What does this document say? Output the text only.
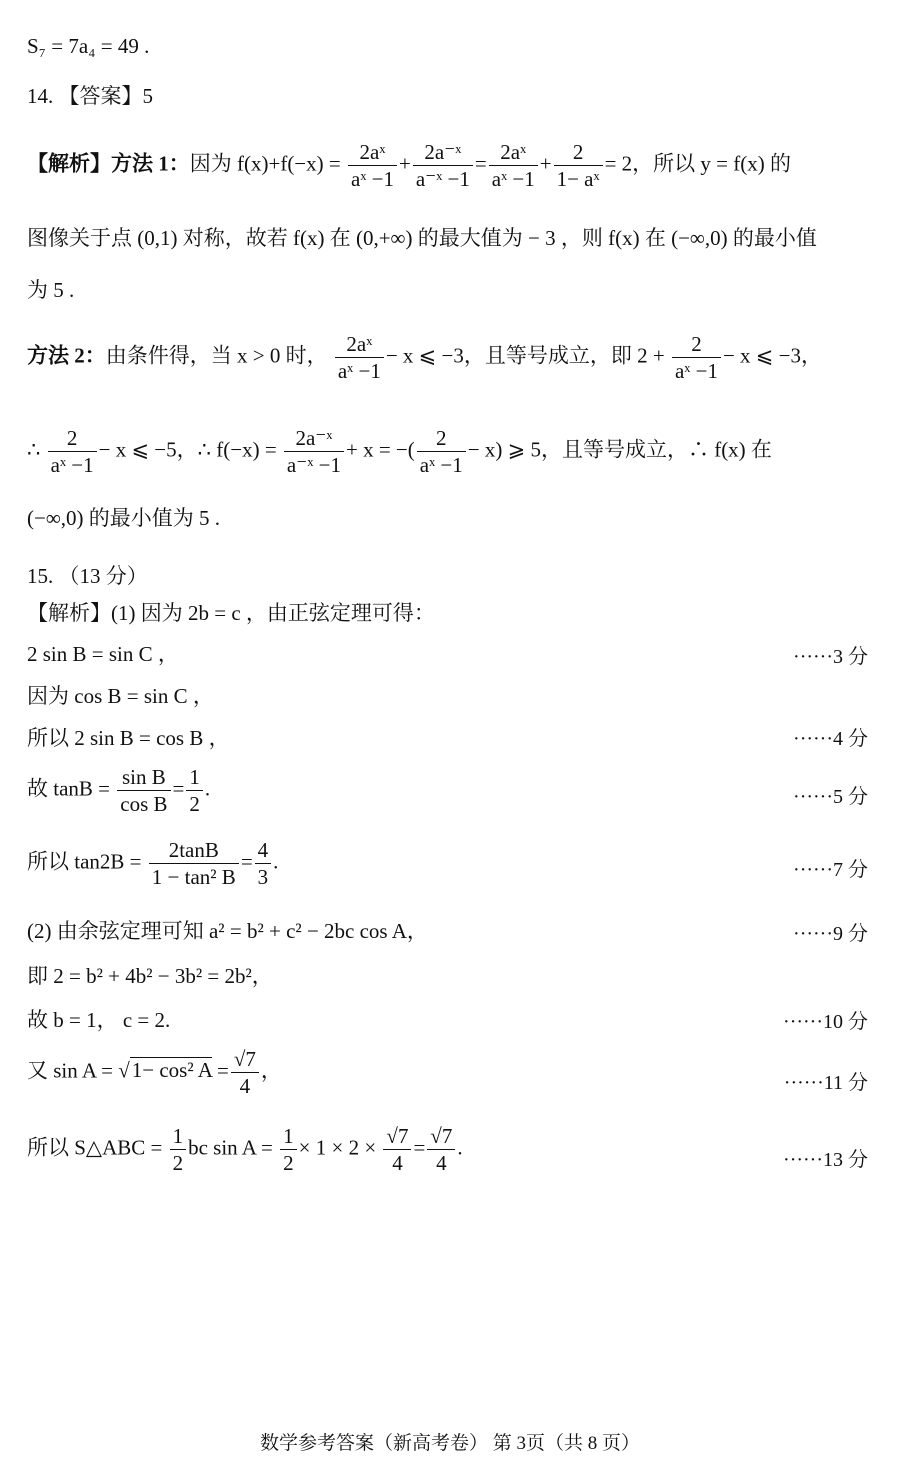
S₇ = 7a₄ = 49 .
14. 【答案】5
【解析】方法 1：因为 $f(x)+f(-x) = \frac{\text{2aˣ}}{\text{aˣ −1}} + \frac{\text{2a⁻ˣ}}{\text{a⁻ˣ −1}} = \frac{\text{2aˣ}}{\text{aˣ −1}} + \frac{2}{\text{1− aˣ}} = 2$，所以 y = f(x) 的
图像关于点 (0,1) 对称，故若 f(x) 在 (0,+∞) 的最大值为 − 3 ，则 f(x) 在 (−∞,0) 的最小值
为 5 .
方法 2：由条件得，当 x > 0 时， $\frac{\text{2aˣ}}{\text{aˣ −1}} - x$ ⩽ −3，且等号成立，即 $2 + \frac{2}{\text{aˣ −1}} - x$ ⩽ −3，
∴ $\frac{2}{\text{aˣ −1}} - x$ ⩽ −5，∴ $f(-x) = \frac{\text{2a⁻ˣ}}{\text{a⁻ˣ −1}} + x$ = −( $\frac{2}{\text{aˣ −1}} - x$) ⩾ 5，且等号成立，∴ f(x) 在
(−∞,0) 的最小值为 5 .
15. （13 分）
【解析】(1) 因为 2b = c ，由正弦定理可得：
2 sin B = sin C ，	······3 分
因为 cos B = sin C ，
所以 2 sin B = cos B ，	······4 分
故 $\tan B = \frac{\text{sin B}}{\text{cos B}} = \frac{1}{2}$ .	······5 分
所以 $\tan 2B = \frac{2\tan B}{\text{1 − tan² B}} = \frac{4}{3}$ .	······7 分
(2) 由余弦定理可知 a² = b² + c² − 2bc cos A，	······9 分
即 2 = b² + 4b² − 3b² = 2b²，
故 b = 1， c = 2.	······10 分
又 sin A = √1− cos² $A = \frac{√7}{4}$ ，
······11 分
所以 S△ABC = $\frac{1}{2}$ bc $\sin A = \frac{1}{2} \times 1 \times 2 \times \frac{√7}{4} = \frac{√7}{4}$ .
······13 分
数学参考答案（新高考卷） 第 3页（共 8 页）
